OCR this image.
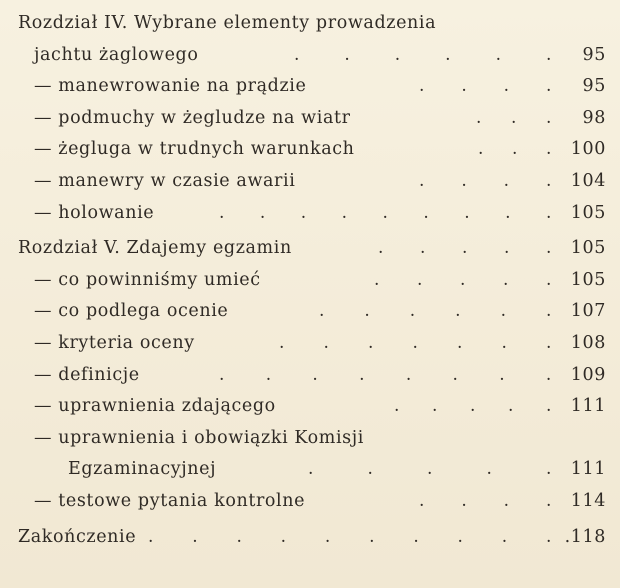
Rozdział IV. Wybrane elementy prowadzenia
jachtu żaglowego	.	.	.	.	.	.	95
— manewrowanie na prądzie	. . . .	95
— podmuchy w żegludze na wiatr	. . .	98
— żegluga w trudnych warunkach	. . .	100
— manewry w czasie awarii	. . . .	104
— holowanie	. . . . . . . . .	105
Rozdział V. Zdajemy egzamin	. . . . .	105
— co powinniśmy umieć	. . . . .	105
— co podlega ocenie	. . . . . .	107
— kryteria oceny	. . . . . . .	108
— definicje	. . . . . . . .	109
— uprawnienia zdającego	. . . . .	111
— uprawnienia i obowiązki Komisji
Egzaminacyjnej	.	.	.	.	.	111
— testowe pytania kontrolne	. . . .	114
Zakończenie . . . . . . . . . . .118
